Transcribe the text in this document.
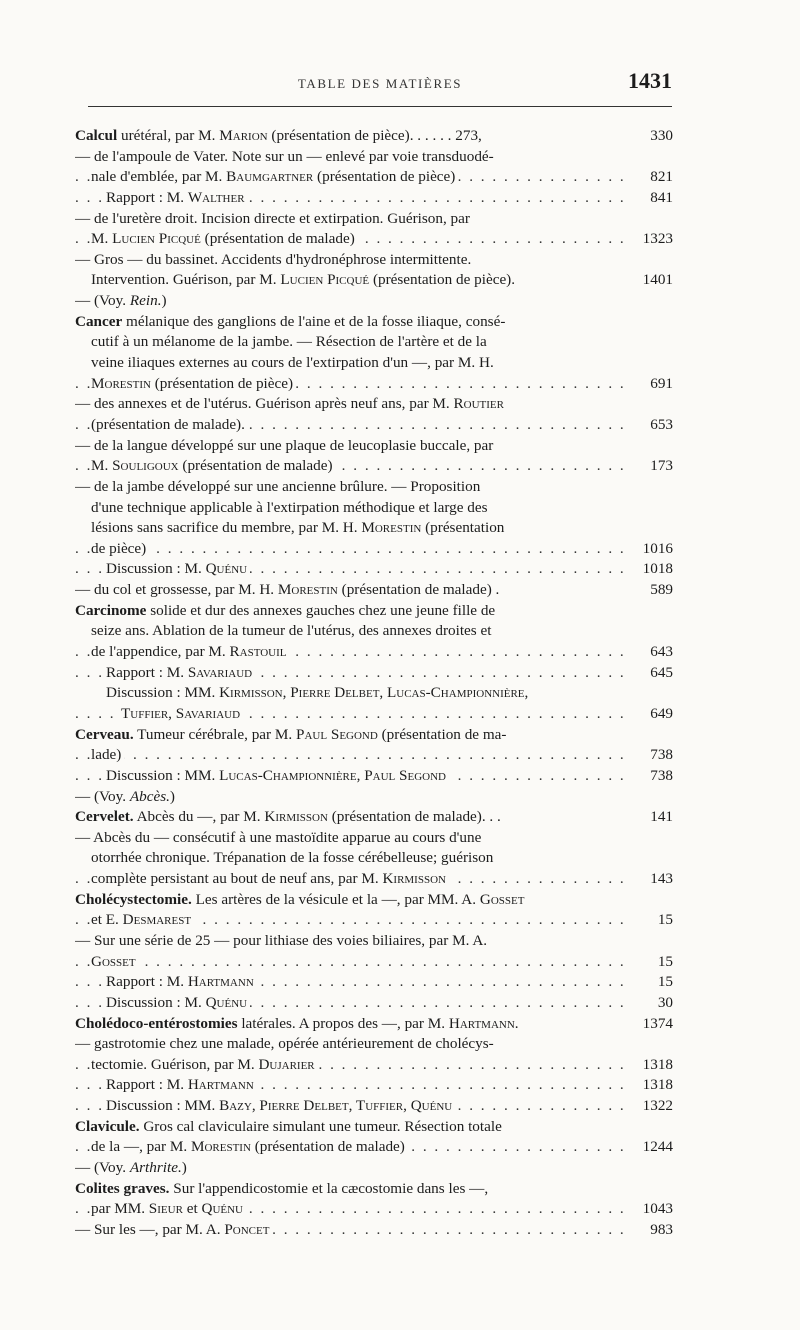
TABLE DES MATIÈRES	1431
Calcul urétéral, par M. Marion (présentation de pièce). . . . . . 273,	330
— de l'ampoule de Vater. Note sur un — enlevé par voie transduodé-
nale d'emblée, par M. Baumgartner (présentation de pièce)	821
. . .
Rapport : M. Walther	841
. . .
— de l'uretère droit. Incision directe et extirpation. Guérison, par
M. Lucien Picqué (présentation de malade)	1323
. . .
— Gros — du bassinet. Accidents d'hydronéphrose intermittente.
Intervention. Guérison, par M. Lucien Picqué (présentation de pièce).	1401
— (Voy. Rein.)
Cancer mélanique des ganglions de l'aine et de la fosse iliaque, consé-
cutif à un mélanome de la jambe. — Résection de l'artère et de la
veine iliaques externes au cours de l'extirpation d'un —, par M. H.
Morestin (présentation de pièce)	691
. . .
— des annexes et de l'utérus. Guérison après neuf ans, par M. Routier
(présentation de malade).	653
. . .
— de la langue développé sur une plaque de leucoplasie buccale, par
M. Souligoux (présentation de malade)	173
. . .
— de la jambe développé sur une ancienne brûlure. — Proposition
d'une technique applicable à l'extirpation méthodique et large des
lésions sans sacrifice du membre, par M. H. Morestin (présentation
de pièce)	1016
. . .
Discussion : M. Quénu	1018
. . .
— du col et grossesse, par M. H. Morestin (présentation de malade) .	589
Carcinome solide et dur des annexes gauches chez une jeune fille de
seize ans. Ablation de la tumeur de l'utérus, des annexes droites et
de l'appendice, par M. Rastouil	643
. . .
Rapport : M. Savariaud	645
. . .
Discussion : MM. Kirmisson, Pierre Delbet, Lucas-Championnière,
Tuffier, Savariaud	649
. . .
Cerveau. Tumeur cérébrale, par M. Paul Segond (présentation de ma-
lade)	738
. . .
Discussion : MM. Lucas-Championnière, Paul Segond	738
. . .
— (Voy. Abcès.)
Cervelet. Abcès du —, par M. Kirmisson (présentation de malade). . .	141
— Abcès du — consécutif à une mastoïdite apparue au cours d'une
otorrhée chronique. Trépanation de la fosse cérébelleuse; guérison
complète persistant au bout de neuf ans, par M. Kirmisson	143
. . .
Cholécystectomie. Les artères de la vésicule et la —, par MM. A. Gosset
et E. Desmarest	15
. . .
— Sur une série de 25 — pour lithiase des voies biliaires, par M. A.
Gosset	15
. . .
Rapport : M. Hartmann	15
. . .
Discussion : M. Quénu	30
. . .
Cholédoco-entérostomies latérales. A propos des —, par M. Hartmann.	1374
— gastrotomie chez une malade, opérée antérieurement de cholécys-
tectomie. Guérison, par M. Dujarier	1318
. . .
Rapport : M. Hartmann	1318
. . .
Discussion : MM. Bazy, Pierre Delbet, Tuffier, Quénu	1322
. . .
Clavicule. Gros cal claviculaire simulant une tumeur. Résection totale
de la —, par M. Morestin (présentation de malade)	1244
. . .
— (Voy. Arthrite.)
Colites graves. Sur l'appendicostomie et la cæcostomie dans les —,
par MM. Sieur et Quénu	1043
. . .
— Sur les —, par M. A. Poncet	983
. . .
